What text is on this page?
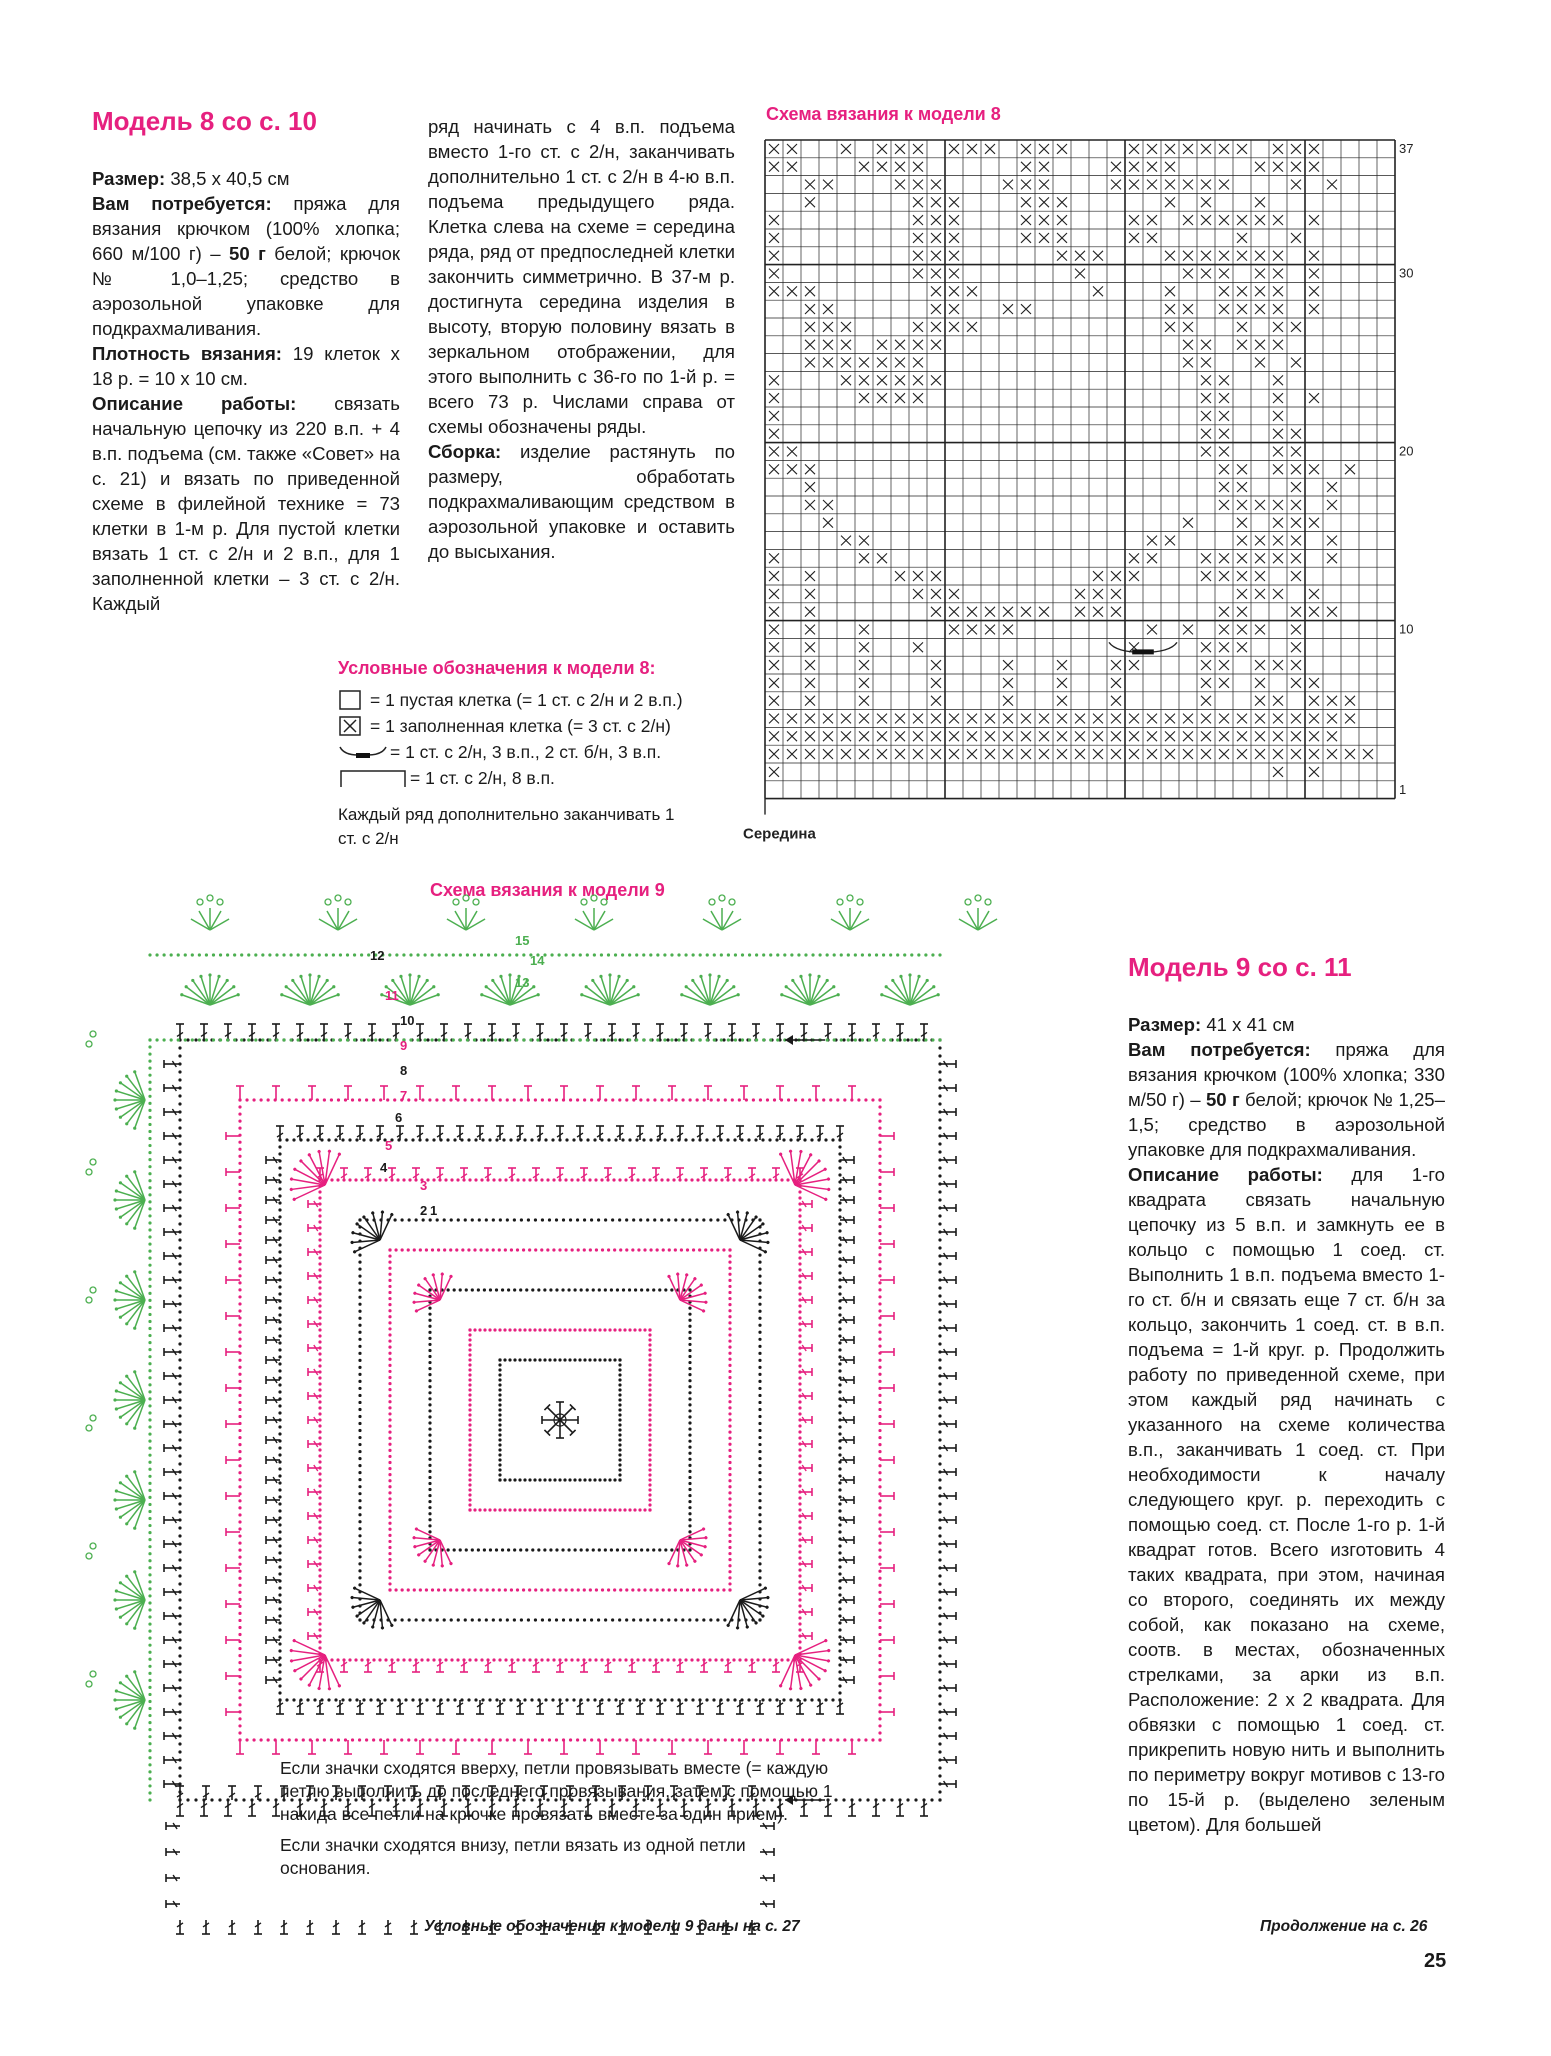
Модель 8 со с. 10

Размер: 38,5 x 40,5 см

Вам потребуется: пряжа для вязания крючком (100% хлопка; 660 м/100 г) – 50 г белой; крючок № 1,0–1,25; средство в аэрозольной упаковке для подкрахмаливания.

Плотность вязания: 19 клеток х 18 р. = 10 х 10 см.

Описание работы: связать начальную цепочку из 220 в.п. + 4 в.п. подъема (см. также «Совет» на с. 21) и вязать по приведенной схеме в филейной технике = 73 клетки в 1-м р. Для пустой клетки вязать 1 ст. с 2/н и 2 в.п., для 1 заполненной клетки – 3 ст. с 2/н. Каждый

ряд начинать с 4 в.п. подъема вместо 1-го ст. с 2/н, заканчивать дополнительно 1 ст. с 2/н в 4-ю в.п. подъема предыдущего ряда. Клетка слева на схеме = середина ряда, ряд от предпоследней клетки закончить симметрично. В 37-м р. достигнута середина изделия в высоту, вторую половину вязать в зеркальном отображении, для этого выполнить с 36-го по 1-й р. = всего 73 р. Числами справа от схемы обозначены ряды.

Сборка: изделие растянуть по размеру, обработать подкрахмаливающим средством в аэрозольной упаковке и оставить до высыхания.

Условные обозначения к модели 8:
= 1 пустая клетка (= 1 ст. с 2/н и 2 в.п.)
= 1 заполненная клетка (= 3 ст. с 2/н)
= 1 ст. с 2/н, 3 в.п., 2 ст. б/н, 3 в.п.
= 1 ст. с 2/н, 8 в.п.
Каждый ряд дополнительно заканчивать 1 ст. с 2/н
Схема вязания к модели 8
37
30
20
10
1
Середина
Схема вязания к модели 9
15
14
13
12
11
10
9
8
7
6
5
4
3
2 1

Если значки сходятся вверху, петли провязывать вместе (= каждую петлю выполнить до последнего провязывания, затем с помощью 1 накида все петли на крючке провязать вместе за один прием).

Если значки сходятся внизу, петли вязать из одной петли основания.

Условные обозначения к модели 9 даны на с. 27
Модель 9 со с. 11

Размер: 41 х 41 см

Вам потребуется: пряжа для вязания крючком (100% хлопка; 330 м/50 г) – 50 г белой; крючок № 1,25–1,5; средство в аэрозольной упаковке для подкрахмаливания.

Описание работы: для 1-го квадрата связать начальную цепочку из 5 в.п. и замкнуть ее в кольцо с помощью 1 соед. ст. Выполнить 1 в.п. подъема вместо 1-го ст. б/н и связать еще 7 ст. б/н за кольцо, закончить 1 соед. ст. в в.п. подъема = 1-й круг. р. Продолжить работу по приведенной схеме, при этом каждый ряд начинать с указанного на схеме количества в.п., заканчивать 1 соед. ст. При необходимости к началу следующего круг. р. переходить с помощью соед. ст. После 1-го р. 1-й квадрат готов. Всего изготовить 4 таких квадрата, при этом, начиная со второго, соединять их между собой, как показано на схеме, соотв. в местах, обозначенных стрелками, за арки из в.п. Расположение: 2 х 2 квадрата. Для обвязки с помощью 1 соед. ст. прикрепить новую нить и выполнить по периметру вокруг мотивов с 13-го по 15-й р. (выделено зеленым цветом). Для большей

Продолжение на с. 26
25
